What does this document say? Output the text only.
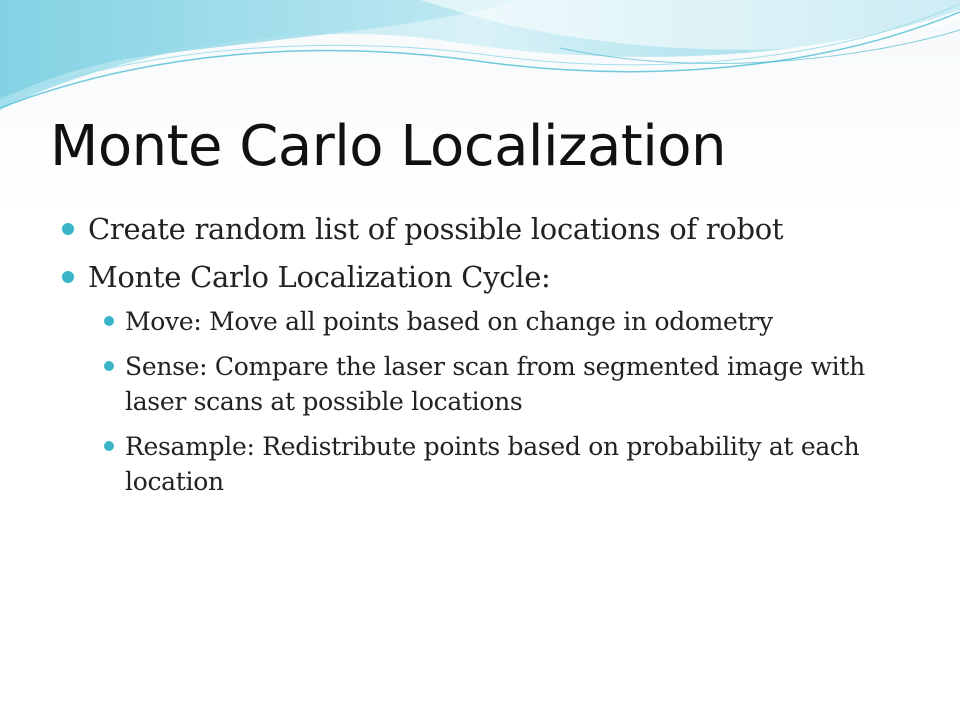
Monte Carlo Localization
Create random list of possible locations of robot
Monte Carlo Localization Cycle:
Move: Move all points based on change in odometry
Sense: Compare the laser scan from segmented image with laser scans at possible locations
Resample: Redistribute points based on probability at each location
